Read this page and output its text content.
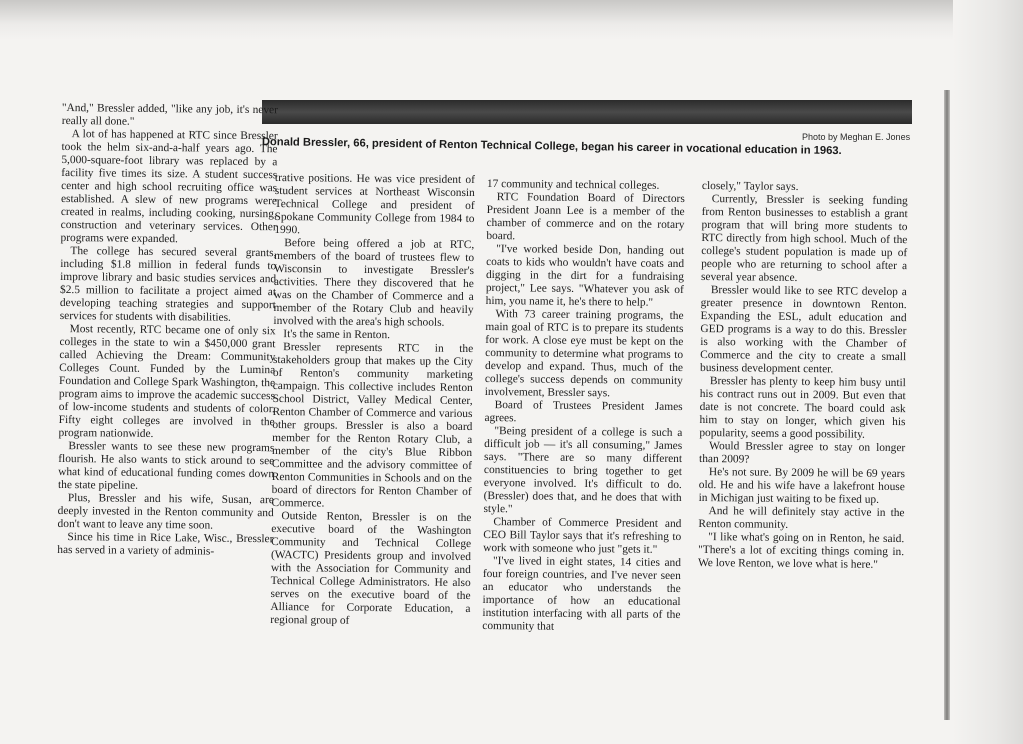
Photo by Meghan E. Jones
Donald Bressler, 66, president of Renton Technical College, began his career in vocational education in 1963.

"And," Bressler added, "like any job, it's never really all done."

A lot of has happened at RTC since Bressler took the helm six-and-a-half years ago. The 5,000-square-foot library was replaced by a facility five times its size. A student success center and high school recruiting office was established. A slew of new programs were created in realms, including cooking, nursing, construction and veterinary services. Other programs were expanded.

The college has secured several grants, including $1.8 million in federal funds to improve library and basic studies services and $2.5 million to facilitate a project aimed at developing teaching strategies and support services for students with disabilities.

Most recently, RTC became one of only six colleges in the state to win a $450,000 grant called Achieving the Dream: Community Colleges Count. Funded by the Lumina Foundation and College Spark Washington, the program aims to improve the academic success of low-income students and students of color. Fifty eight colleges are involved in the program nationwide.

Bressler wants to see these new programs flourish. He also wants to stick around to see what kind of educational funding comes down the state pipeline.

Plus, Bressler and his wife, Susan, are deeply invested in the Renton community and don't want to leave any time soon.

Since his time in Rice Lake, Wisc., Bressler has served in a variety of adminis-

trative positions. He was vice president of student services at Northeast Wisconsin Technical College and president of Spokane Community College from 1984 to 1990.

Before being offered a job at RTC, members of the board of trustees flew to Wisconsin to investigate Bressler's activities. There they discovered that he was on the Chamber of Commerce and a member of the Rotary Club and heavily involved with the area's high schools.

It's the same in Renton.

Bressler represents RTC in the stakeholders group that makes up the City of Renton's community marketing campaign. This collective includes Renton School District, Valley Medical Center, Renton Chamber of Commerce and various other groups. Bressler is also a board member for the Renton Rotary Club, a member of the city's Blue Ribbon Committee and the advisory committee of Renton Communities in Schools and on the board of directors for Renton Chamber of Commerce.

Outside Renton, Bressler is on the executive board of the Washington Community and Technical College (WACTC) Presidents group and involved with the Association for Community and Technical College Administrators. He also serves on the executive board of the Alliance for Corporate Education, a regional group of

17 community and technical colleges.

RTC Foundation Board of Directors President Joann Lee is a member of the chamber of commerce and on the rotary board.

"I've worked beside Don, handing out coats to kids who wouldn't have coats and digging in the dirt for a fundraising project," Lee says. "Whatever you ask of him, you name it, he's there to help."

With 73 career training programs, the main goal of RTC is to prepare its students for work. A close eye must be kept on the community to determine what programs to develop and expand. Thus, much of the college's success depends on community involvement, Bressler says.

Board of Trustees President James agrees.

"Being president of a college is such a difficult job — it's all consuming," James says. "There are so many different constituencies to bring together to get everyone involved. It's difficult to do. (Bressler) does that, and he does that with style."

Chamber of Commerce President and CEO Bill Taylor says that it's refreshing to work with someone who just "gets it."

"I've lived in eight states, 14 cities and four foreign countries, and I've never seen an educator who understands the importance of how an educational institution interfacing with all parts of the community that

closely," Taylor says.

Currently, Bressler is seeking funding from Renton businesses to establish a grant program that will bring more students to RTC directly from high school. Much of the college's student population is made up of people who are returning to school after a several year absence.

Bressler would like to see RTC develop a greater presence in downtown Renton. Expanding the ESL, adult education and GED programs is a way to do this. Bressler is also working with the Chamber of Commerce and the city to create a small business development center.

Bressler has plenty to keep him busy until his contract runs out in 2009. But even that date is not concrete. The board could ask him to stay on longer, which given his popularity, seems a good possibility.

Would Bressler agree to stay on longer than 2009?

He's not sure. By 2009 he will be 69 years old. He and his wife have a lakefront house in Michigan just waiting to be fixed up.

And he will definitely stay active in the Renton community.

"I like what's going on in Renton, he said. "There's a lot of exciting things coming in. We love Renton, we love what is here."
